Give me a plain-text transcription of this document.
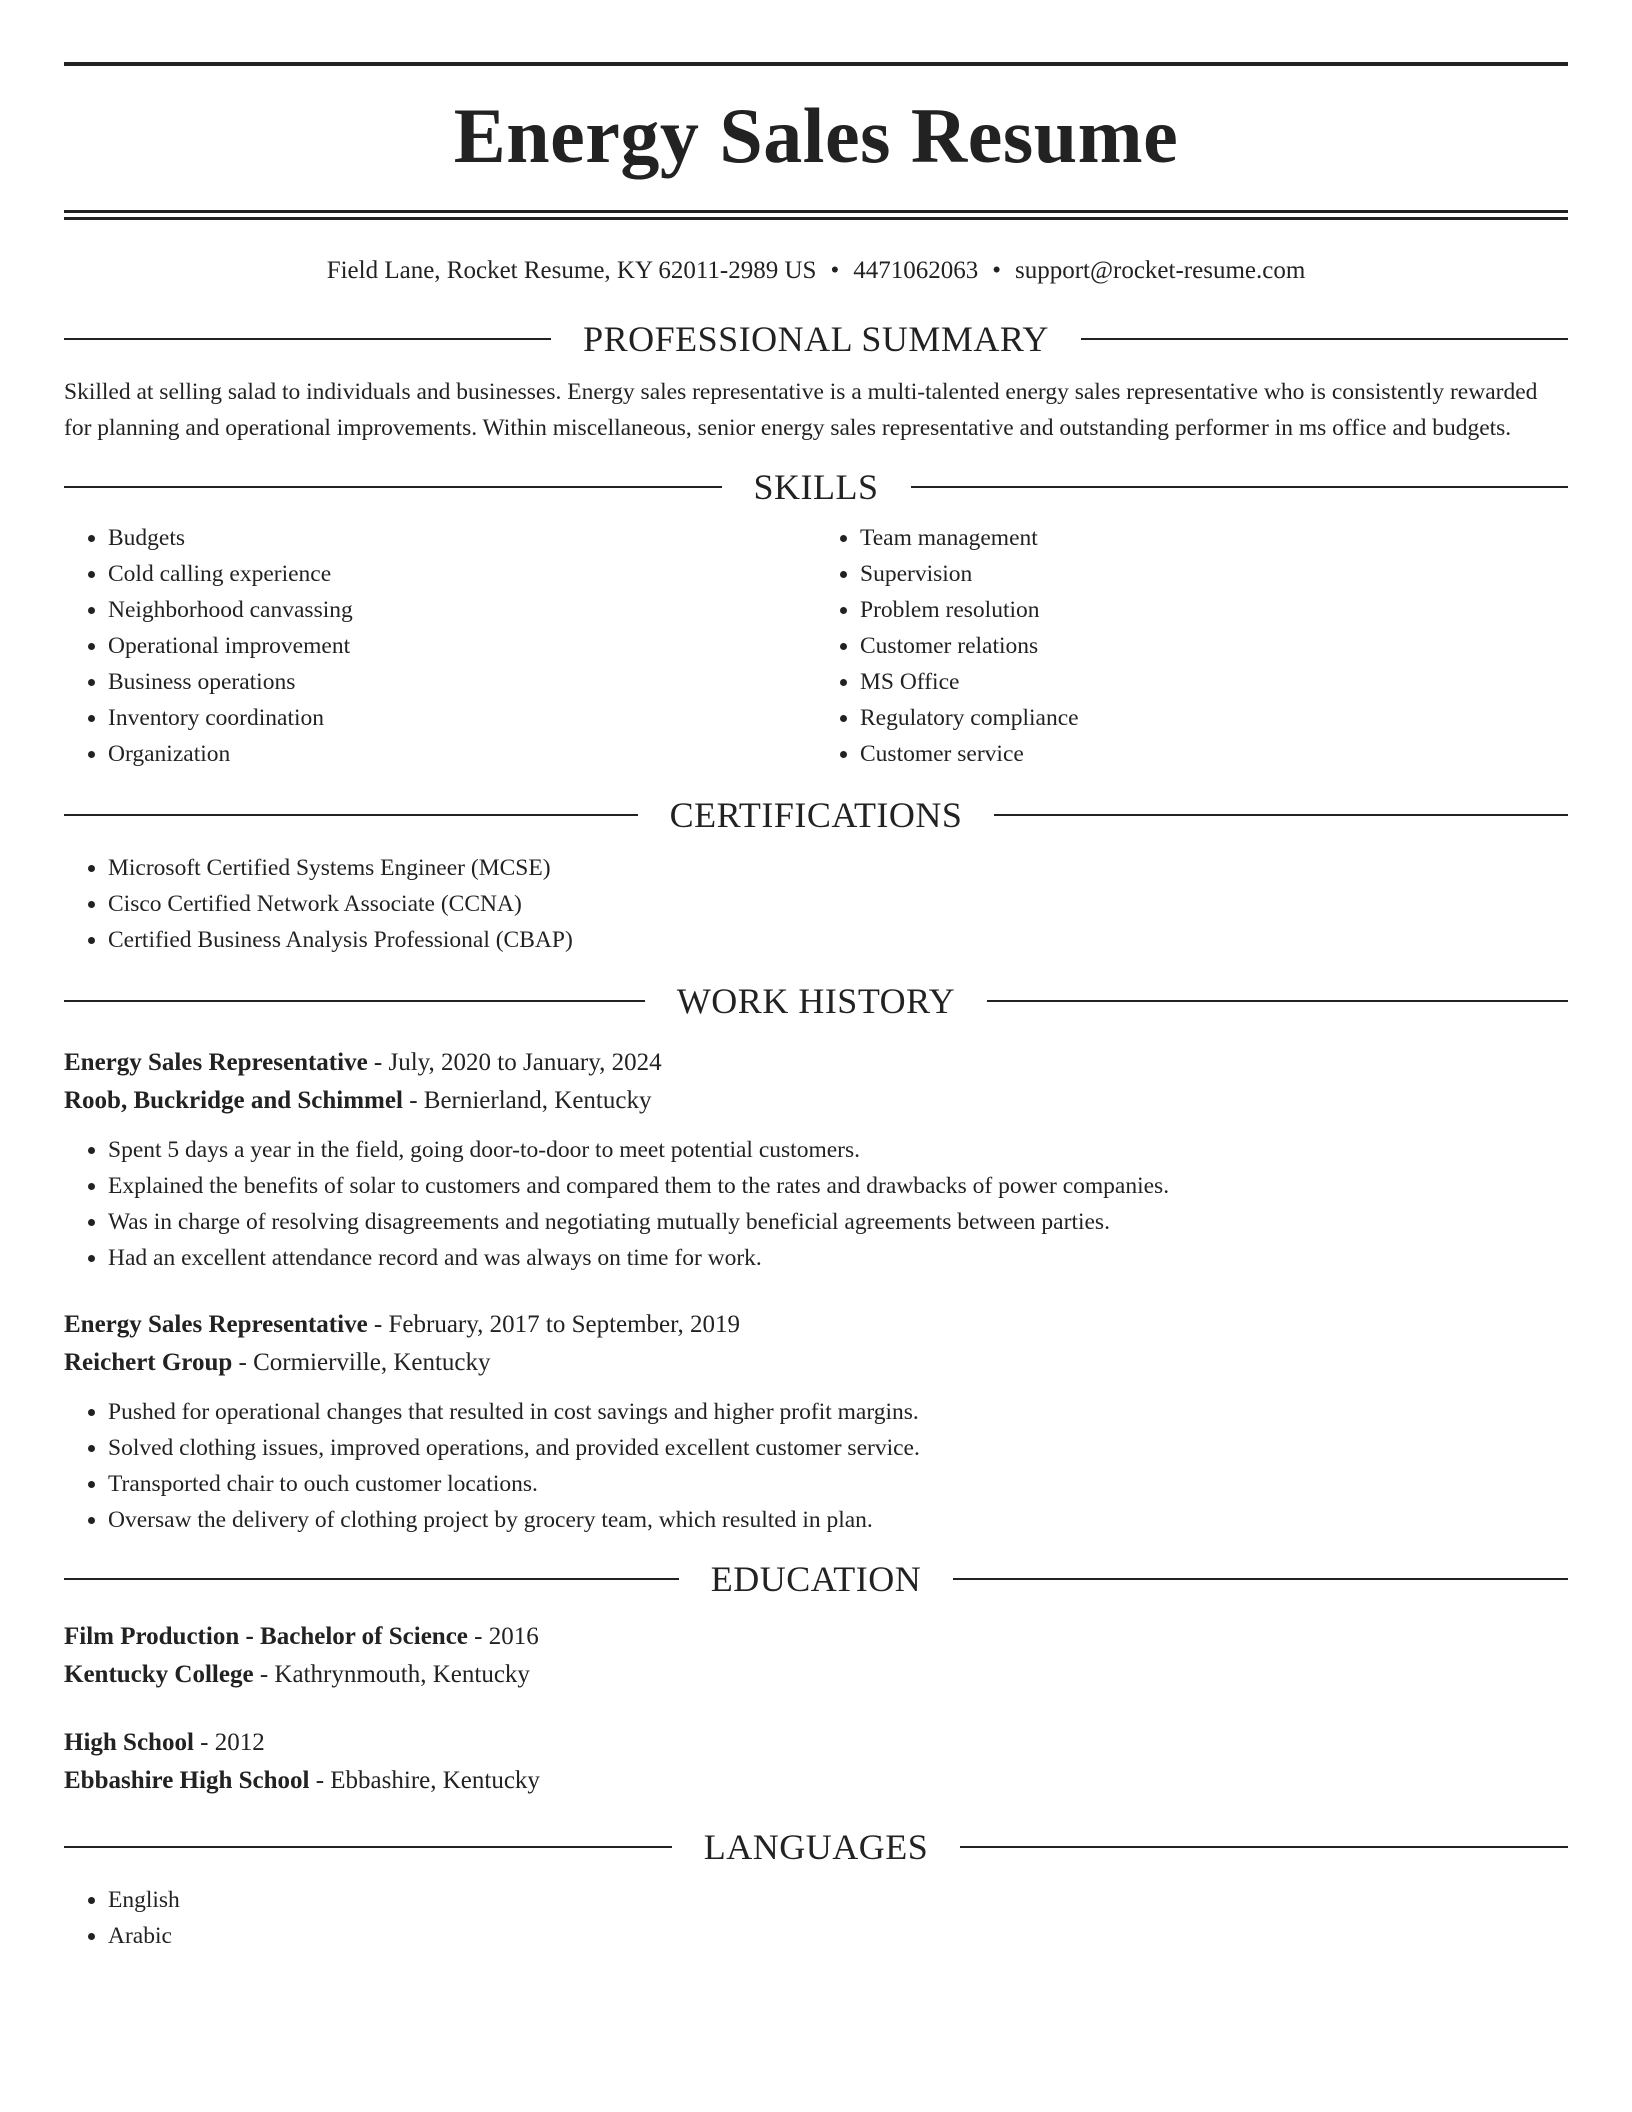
Energy Sales Resume
Field Lane, Rocket Resume, KY 62011-2989 US • 4471062063 • support@rocket-resume.com
PROFESSIONAL SUMMARY

Skilled at selling salad to individuals and businesses. Energy sales representative is a multi-talented energy sales representative who is consistently rewarded for planning and operational improvements. Within miscellaneous, senior energy sales representative and outstanding performer in ms office and budgets.

SKILLS
• Budgets
• Cold calling experience
• Neighborhood canvassing
• Operational improvement
• Business operations
• Inventory coordination
• Organization
• Team management
• Supervision
• Problem resolution
• Customer relations
• MS Office
• Regulatory compliance
• Customer service
CERTIFICATIONS
• Microsoft Certified Systems Engineer (MCSE)
• Cisco Certified Network Associate (CCNA)
• Certified Business Analysis Professional (CBAP)
WORK HISTORY
Energy Sales Representative - July, 2020 to January, 2024
Roob, Buckridge and Schimmel - Bernierland, Kentucky
• Spent 5 days a year in the field, going door-to-door to meet potential customers.
• Explained the benefits of solar to customers and compared them to the rates and drawbacks of power companies.
• Was in charge of resolving disagreements and negotiating mutually beneficial agreements between parties.
• Had an excellent attendance record and was always on time for work.
Energy Sales Representative - February, 2017 to September, 2019
Reichert Group - Cormierville, Kentucky
• Pushed for operational changes that resulted in cost savings and higher profit margins.
• Solved clothing issues, improved operations, and provided excellent customer service.
• Transported chair to ouch customer locations.
• Oversaw the delivery of clothing project by grocery team, which resulted in plan.
EDUCATION
Film Production - Bachelor of Science - 2016
Kentucky College - Kathrynmouth, Kentucky
High School - 2012
Ebbashire High School - Ebbashire, Kentucky
LANGUAGES
• English
• Arabic
